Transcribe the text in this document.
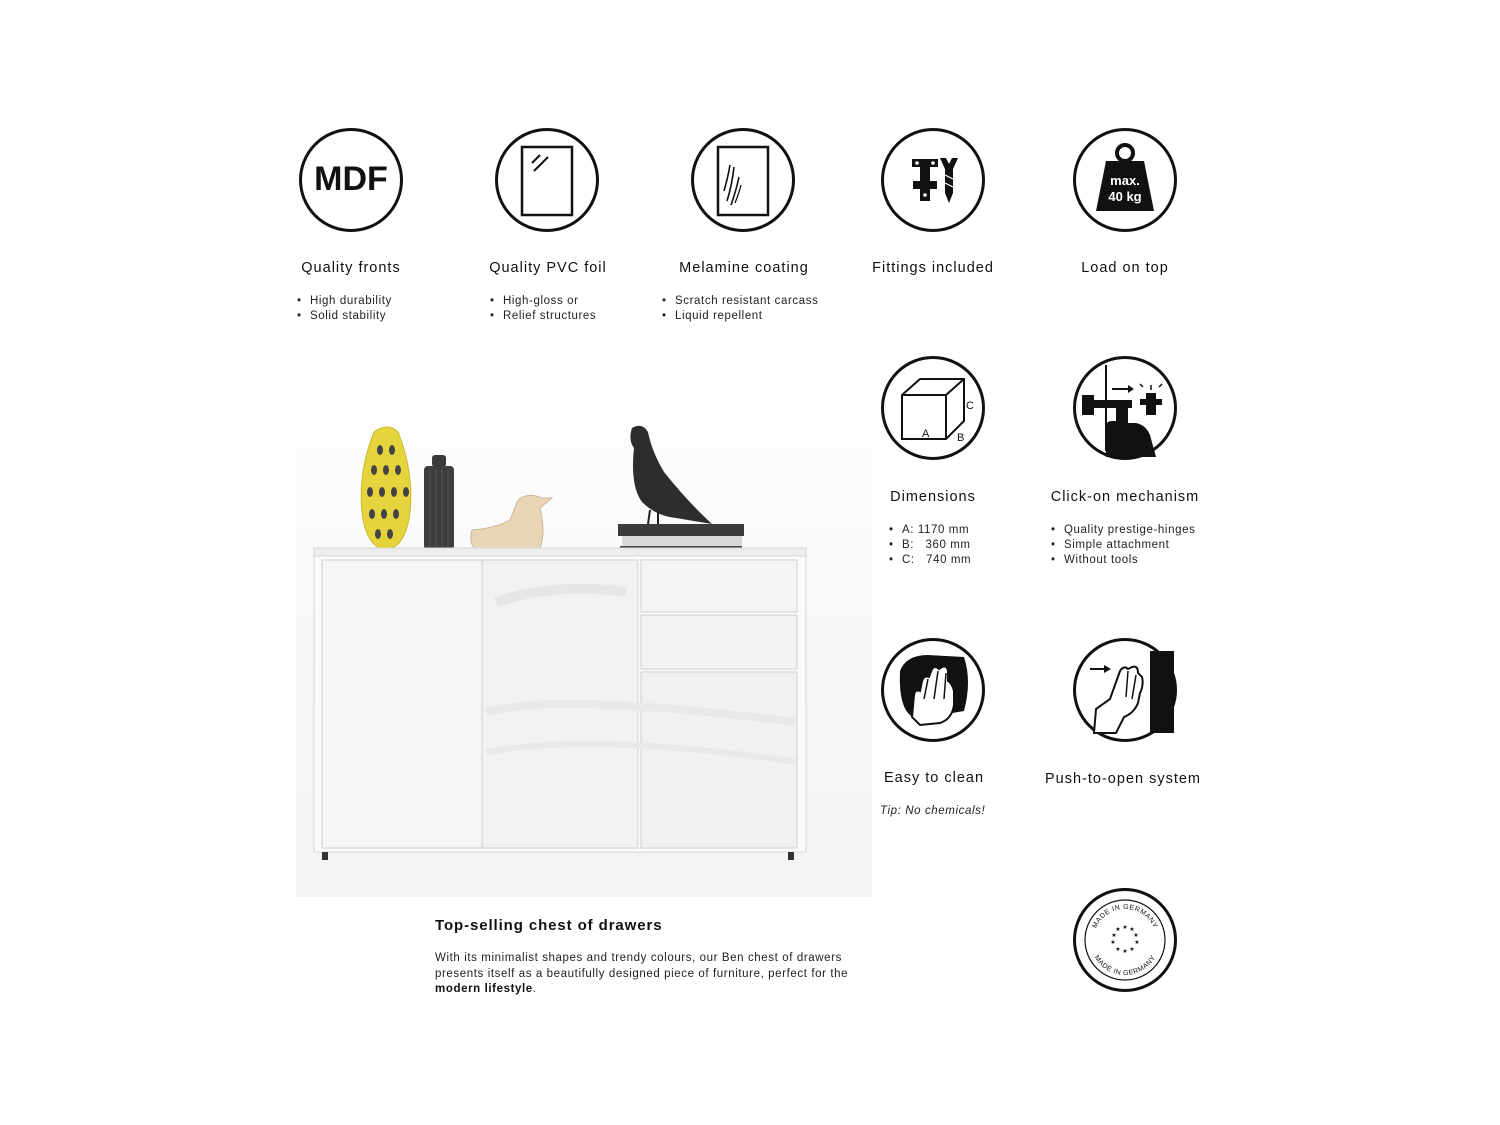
MDF
Quality fronts
• High durability
• Solid stability
Quality PVC foil
• High-gloss or
• Relief structures
Melamine coating
• Scratch resistant carcass
• Liquid repellent
Fittings included
max.
40 kg
Load on top
A	B
C
Dimensions
• A: 1170 mm
• B:   360 mm
• C:   740 mm
Click-on mechanism
• Quality prestige-hinges
• Simple attachment
• Without tools
Easy to clean
Tip: No chemicals!
Push-to-open system
MADE IN GERMANY
MADE IN GERMANY
★ ★
★
★
★
★
★
★
★
★
Top-selling chest of drawers
With its minimalist shapes and trendy colours, our Ben chest of drawers presents itself as a beautifully designed piece of furniture, perfect for the modern lifestyle.
